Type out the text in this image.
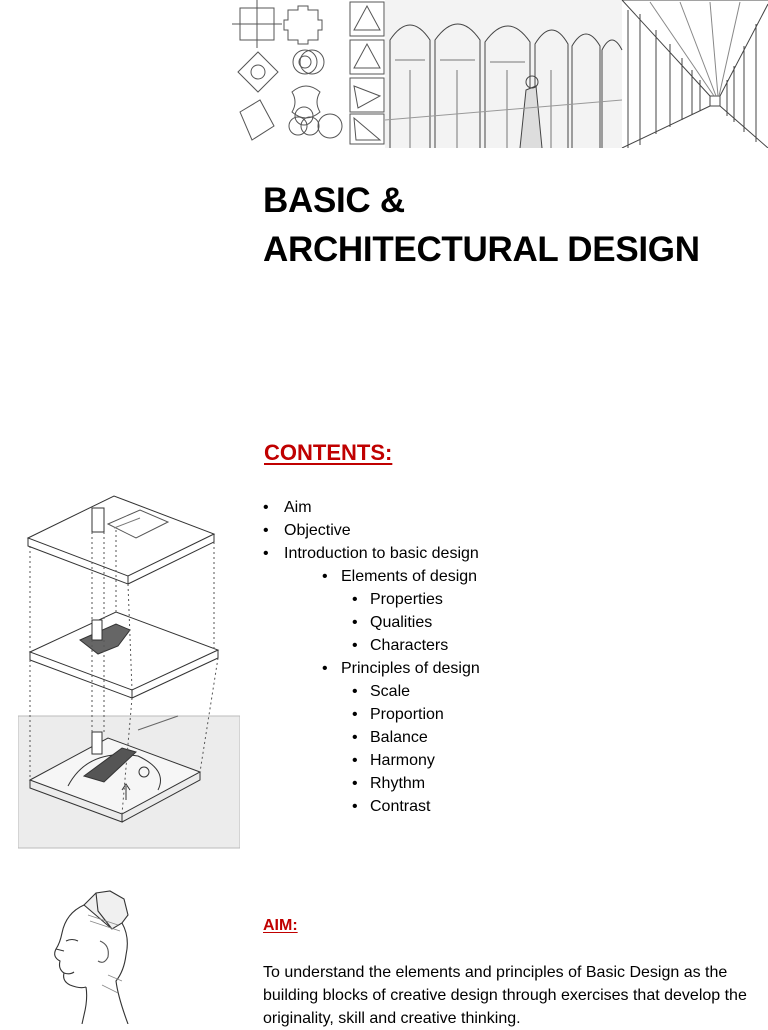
BASIC &
ARCHITECTURAL DESIGN
CONTENTS:
• Aim
• Objective
• Introduction to basic design
• Elements of design
• Properties
• Qualities
• Characters
• Principles of design
• Scale
• Proportion
• Balance
• Harmony
• Rhythm
• Contrast
AIM:
To understand the elements and principles of Basic Design as the building blocks of creative design through exercises that develop the originality, skill and creative thinking.
